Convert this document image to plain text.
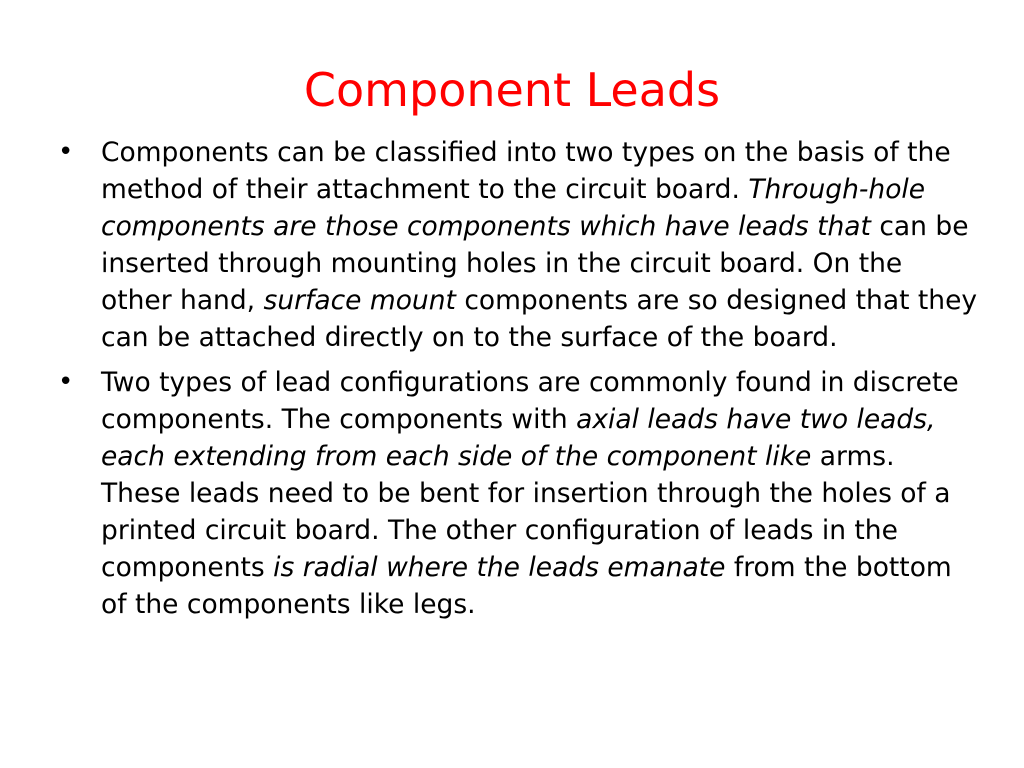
Component Leads
• Components can be classified into two types on the basis of the method of their attachment to the circuit board. Through-hole components are those components which have leads that can be inserted through mounting holes in the circuit board. On the other hand, surface mount components are so designed that they can be attached directly on to the surface of the board.
• Two types of lead configurations are commonly found in discrete components. The components with axial leads have two leads, each extending from each side of the component like arms. These leads need to be bent for insertion through the holes of a printed circuit board. The other configuration of leads in the components is radial where the leads emanate from the bottom of the components like legs.
